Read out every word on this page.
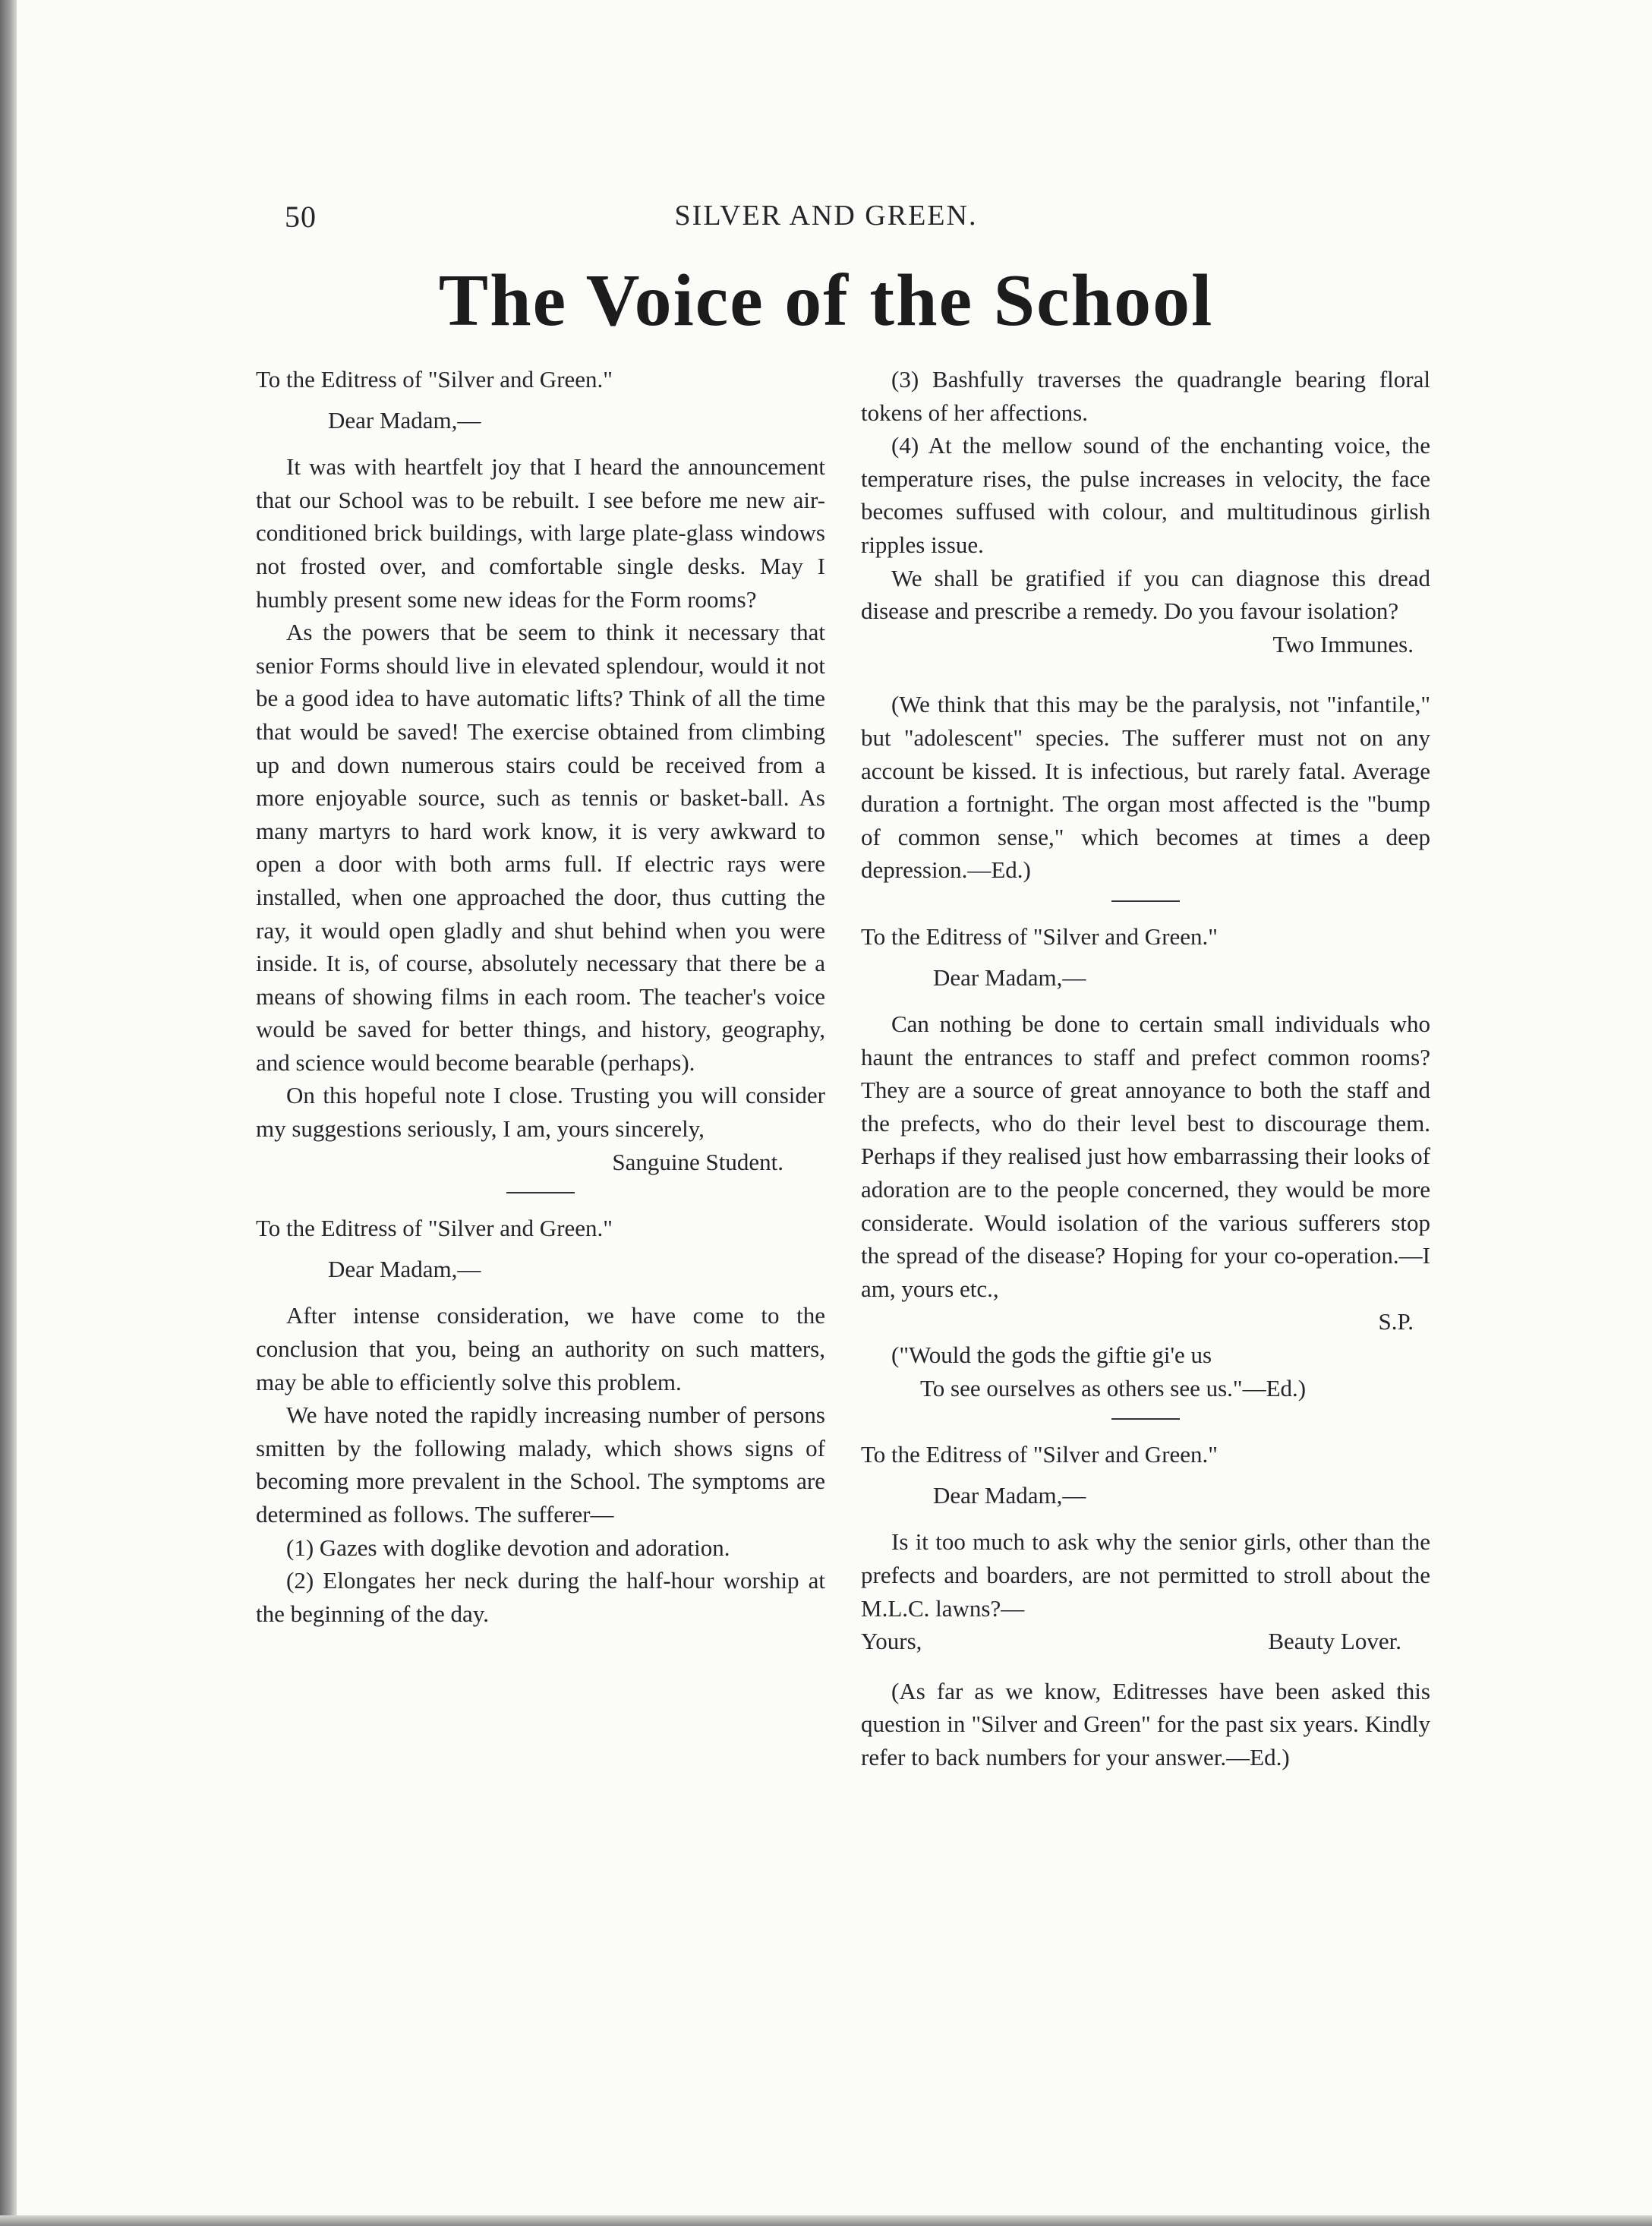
50	SILVER AND GREEN.
The Voice of the School

To the Editress of "Silver and Green."

Dear Madam,—

It was with heartfelt joy that I heard the announcement that our School was to be rebuilt. I see before me new air-conditioned brick buildings, with large plate-glass windows not frosted over, and comfortable single desks. May I humbly present some new ideas for the Form rooms?

As the powers that be seem to think it necessary that senior Forms should live in elevated splendour, would it not be a good idea to have automatic lifts? Think of all the time that would be saved! The exercise obtained from climbing up and down numerous stairs could be received from a more enjoyable source, such as tennis or basket-ball. As many martyrs to hard work know, it is very awkward to open a door with both arms full. If electric rays were installed, when one approached the door, thus cutting the ray, it would open gladly and shut behind when you were inside. It is, of course, absolutely necessary that there be a means of showing films in each room. The teacher's voice would be saved for better things, and history, geography, and science would become bearable (perhaps).

On this hopeful note I close. Trusting you will consider my suggestions seriously, I am, yours sincerely,

Sanguine Student.

To the Editress of "Silver and Green."

Dear Madam,—

After intense consideration, we have come to the conclusion that you, being an authority on such matters, may be able to efficiently solve this problem.

We have noted the rapidly increasing number of persons smitten by the following malady, which shows signs of becoming more prevalent in the School. The symptoms are determined as follows. The sufferer—

(1) Gazes with doglike devotion and adoration.

(2) Elongates her neck during the half-hour worship at the beginning of the day.

(3) Bashfully traverses the quadrangle bearing floral tokens of her affections.

(4) At the mellow sound of the enchanting voice, the temperature rises, the pulse increases in velocity, the face becomes suffused with colour, and multitudinous girlish ripples issue.

We shall be gratified if you can diagnose this dread disease and prescribe a remedy. Do you favour isolation?

Two Immunes.

(We think that this may be the paralysis, not "infantile," but "adolescent" species. The sufferer must not on any account be kissed. It is infectious, but rarely fatal. Average duration a fortnight. The organ most affected is the "bump of common sense," which becomes at times a deep depression.—Ed.)

To the Editress of "Silver and Green."

Dear Madam,—

Can nothing be done to certain small individuals who haunt the entrances to staff and prefect common rooms? They are a source of great annoyance to both the staff and the prefects, who do their level best to discourage them. Perhaps if they realised just how embarrassing their looks of adoration are to the people concerned, they would be more considerate. Would isolation of the various sufferers stop the spread of the disease? Hoping for your co-operation.—I am, yours etc.,

S.P.

("Would the gods the giftie gi'e us

To see ourselves as others see us."—Ed.)

To the Editress of "Silver and Green."

Dear Madam,—

Is it too much to ask why the senior girls, other than the prefects and boarders, are not permitted to stroll about the M.L.C. lawns?—

Yours,	Beauty Lover.

(As far as we know, Editresses have been asked this question in "Silver and Green" for the past six years. Kindly refer to back numbers for your answer.—Ed.)
